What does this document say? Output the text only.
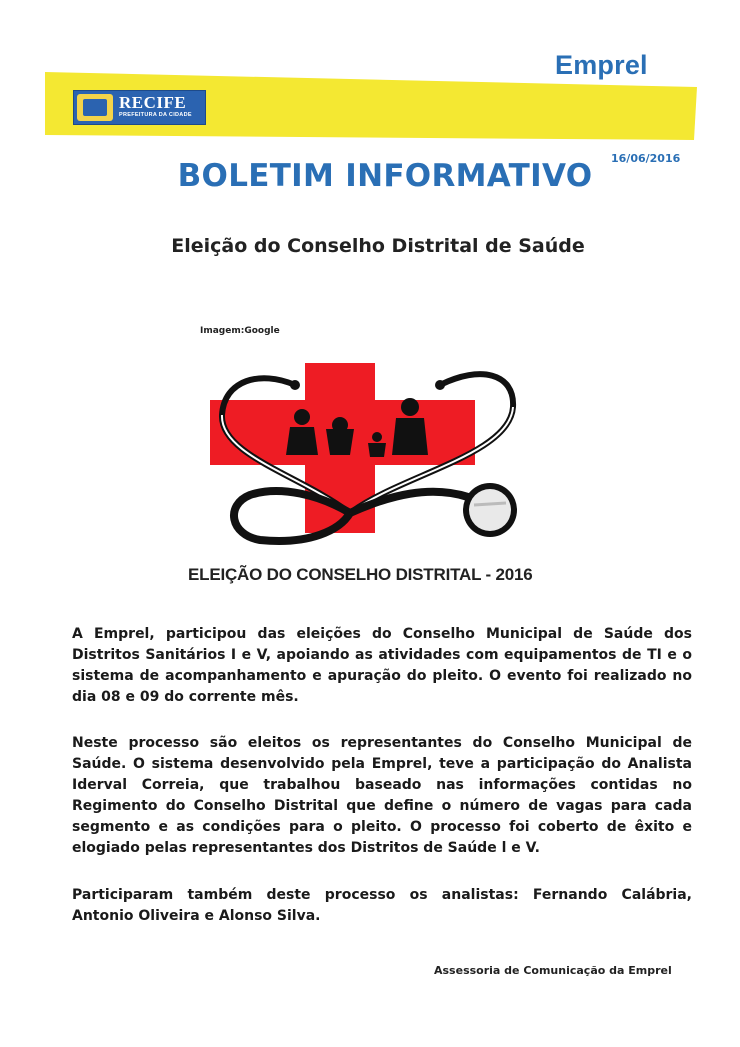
Emprel
RECIFE
PREFEITURA DA CIDADE
16/06/2016
BOLETIM INFORMATIVO
Eleição do Conselho Distrital de Saúde
Imagem:Google
ELEIÇÃO DO CONSELHO DISTRITAL - 2016

A Emprel, participou das eleições do Conselho Municipal de Saúde dos Distritos Sanitários I e V, apoiando as atividades com equipamentos de TI e o sistema de acompanhamento e apuração do pleito. O evento foi realizado no dia 08 e 09 do corrente mês.

Neste processo são eleitos os representantes do Conselho Municipal de Saúde. O sistema desenvolvido pela Emprel, teve a participação do Analista Iderval Correia, que trabalhou baseado nas informações contidas no Regimento do Conselho Distrital que define o número de vagas para cada segmento e as condições para o pleito. O processo foi coberto de êxito e elogiado pelas representantes dos Distritos de Saúde l e V.

Participaram também deste processo os analistas: Fernando Calábria, Antonio Oliveira e Alonso Silva.

Assessoria de Comunicação da Emprel
